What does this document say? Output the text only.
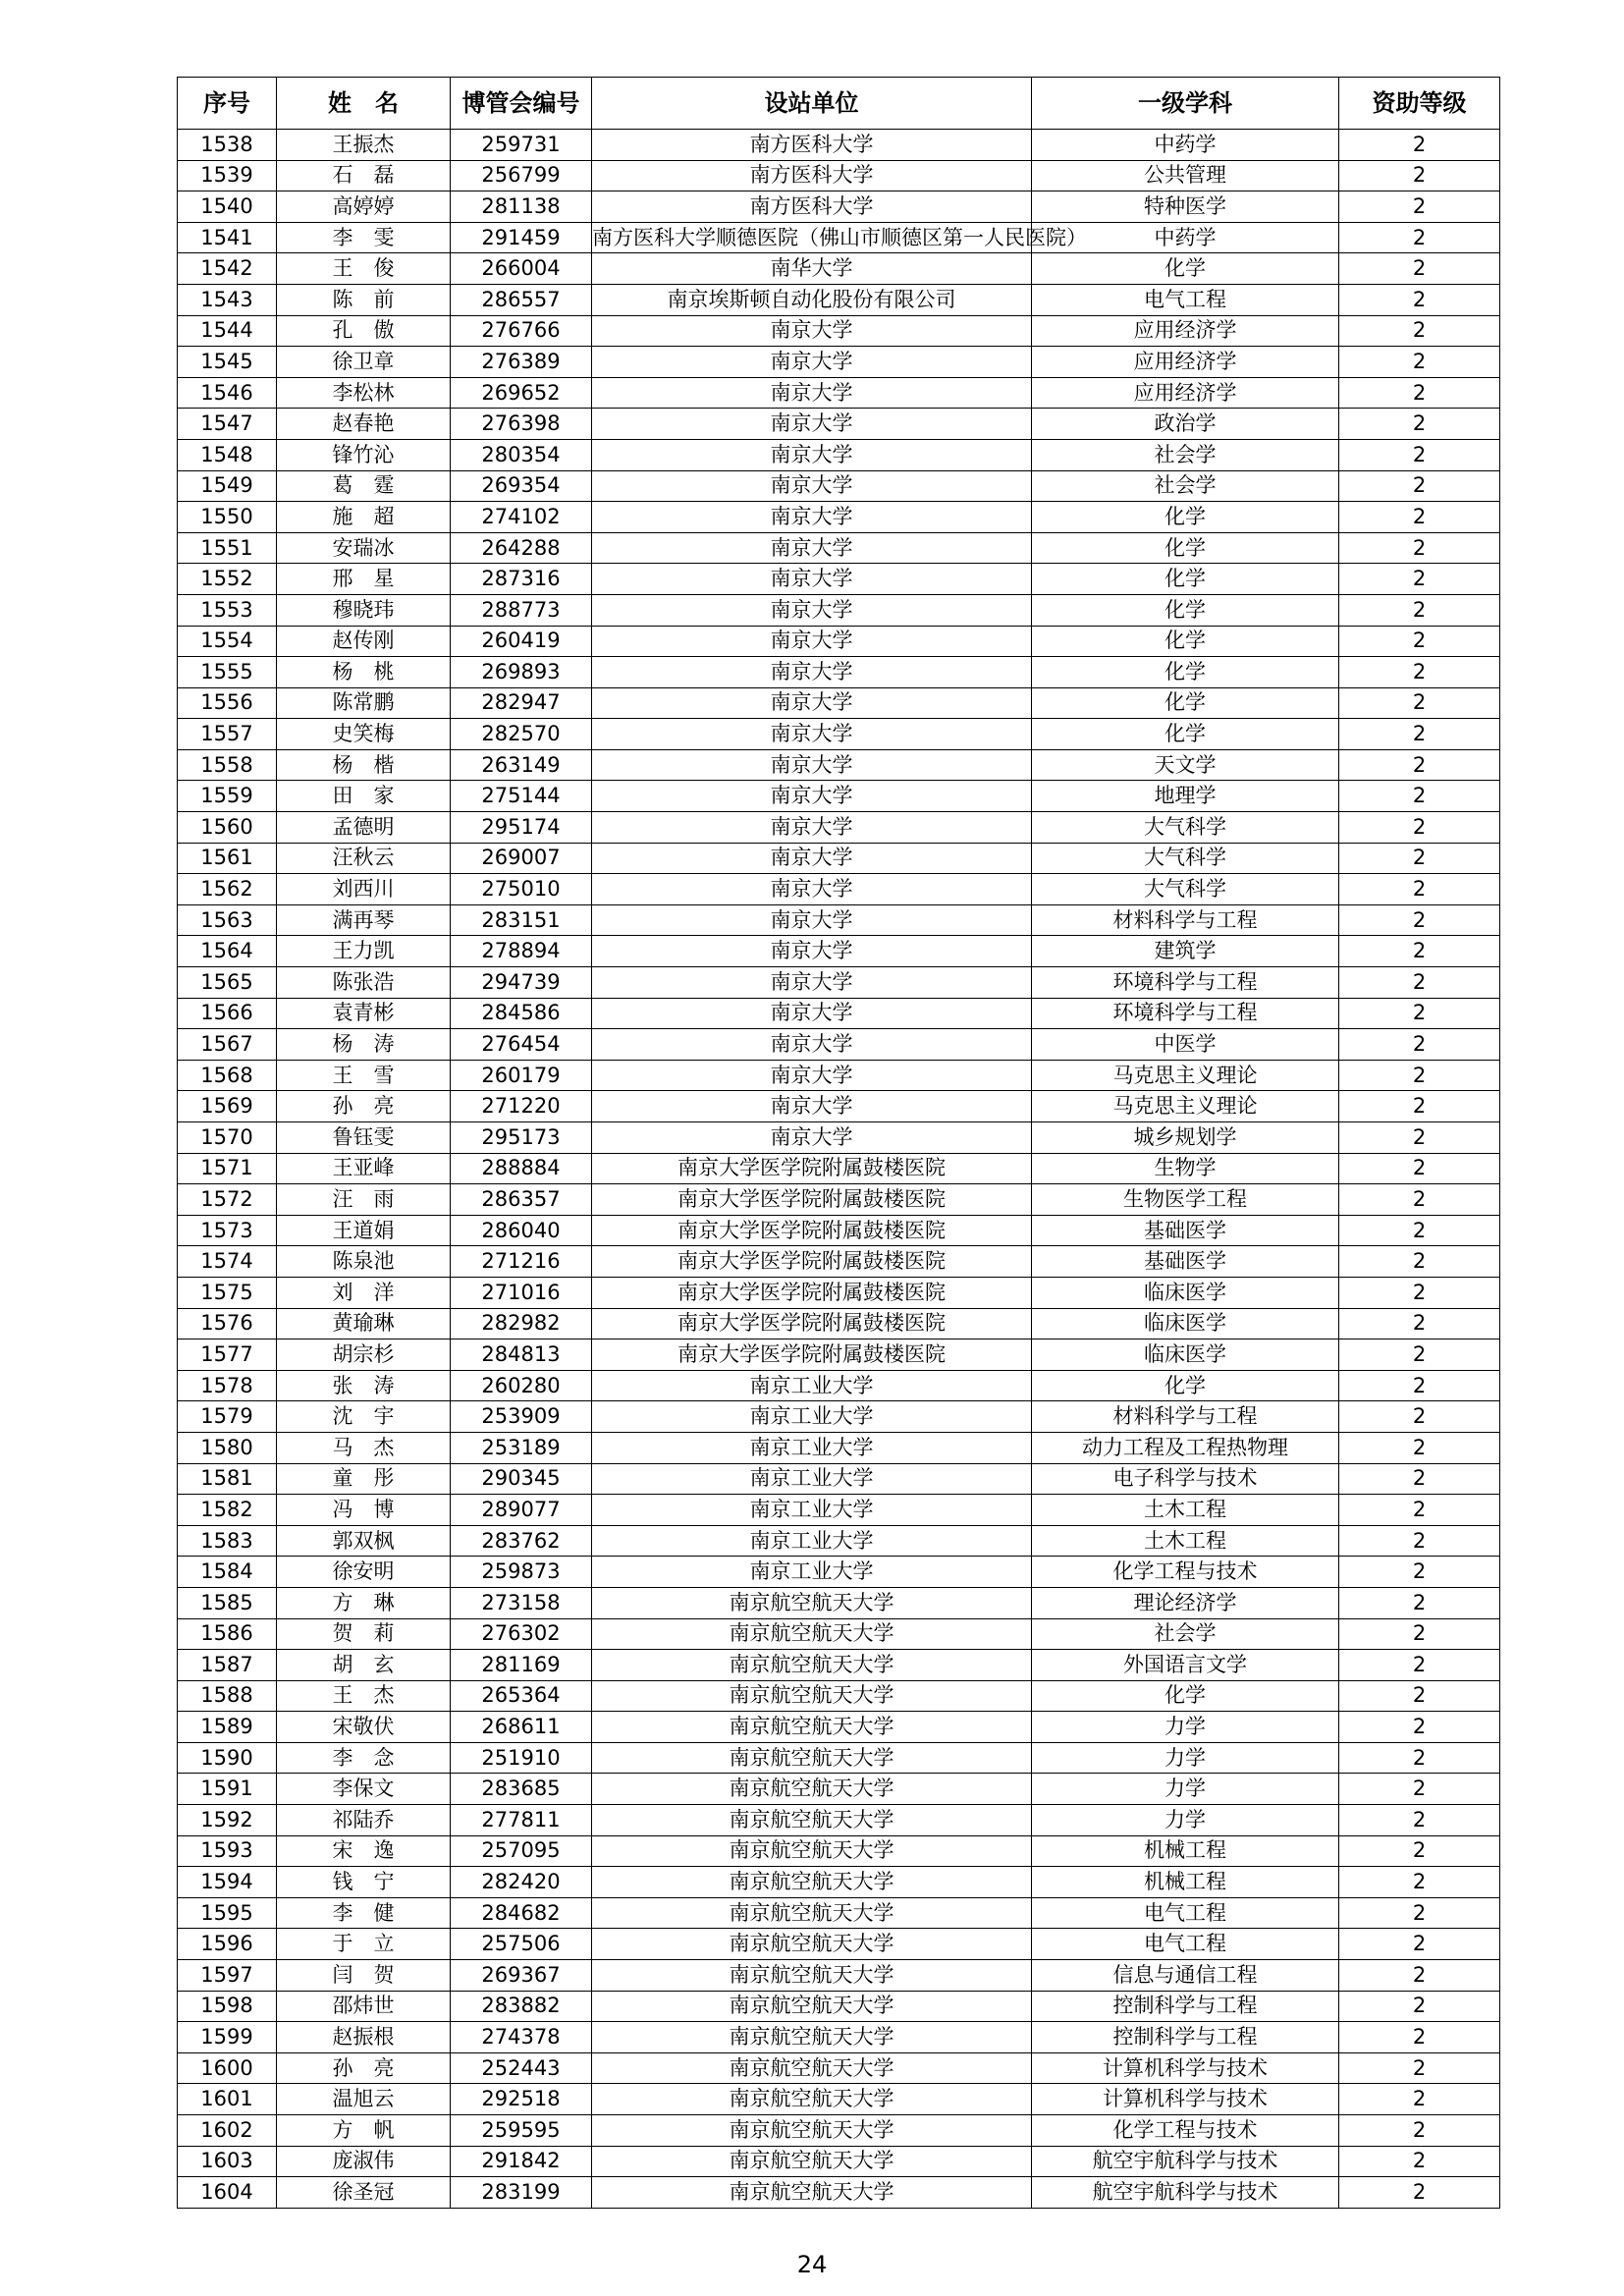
序号	姓　名	博管会编号	设站单位	一级学科	资助等级
1538	王振杰	259731	南方医科大学	中药学	2
1539	石　磊	256799	南方医科大学	公共管理	2
1540	高婷婷	281138	南方医科大学	特种医学	2
1541	李　雯	291459	南方医科大学顺德医院（佛山市顺德区第一人民医院）	中药学	2
1542	王　俊	266004	南华大学	化学	2
1543	陈　前	286557	南京埃斯顿自动化股份有限公司	电气工程	2
1544	孔　傲	276766	南京大学	应用经济学	2
1545	徐卫章	276389	南京大学	应用经济学	2
1546	李松林	269652	南京大学	应用经济学	2
1547	赵春艳	276398	南京大学	政治学	2
1548	锋竹沁	280354	南京大学	社会学	2
1549	葛　霆	269354	南京大学	社会学	2
1550	施　超	274102	南京大学	化学	2
1551	安瑞冰	264288	南京大学	化学	2
1552	邢　星	287316	南京大学	化学	2
1553	穆晓玮	288773	南京大学	化学	2
1554	赵传刚	260419	南京大学	化学	2
1555	杨　桃	269893	南京大学	化学	2
1556	陈常鹏	282947	南京大学	化学	2
1557	史笑梅	282570	南京大学	化学	2
1558	杨　楷	263149	南京大学	天文学	2
1559	田　家	275144	南京大学	地理学	2
1560	孟德明	295174	南京大学	大气科学	2
1561	汪秋云	269007	南京大学	大气科学	2
1562	刘西川	275010	南京大学	大气科学	2
1563	满再琴	283151	南京大学	材料科学与工程	2
1564	王力凯	278894	南京大学	建筑学	2
1565	陈张浩	294739	南京大学	环境科学与工程	2
1566	袁青彬	284586	南京大学	环境科学与工程	2
1567	杨　涛	276454	南京大学	中医学	2
1568	王　雪	260179	南京大学	马克思主义理论	2
1569	孙　亮	271220	南京大学	马克思主义理论	2
1570	鲁钰雯	295173	南京大学	城乡规划学	2
1571	王亚峰	288884	南京大学医学院附属鼓楼医院	生物学	2
1572	汪　雨	286357	南京大学医学院附属鼓楼医院	生物医学工程	2
1573	王道娟	286040	南京大学医学院附属鼓楼医院	基础医学	2
1574	陈泉池	271216	南京大学医学院附属鼓楼医院	基础医学	2
1575	刘　洋	271016	南京大学医学院附属鼓楼医院	临床医学	2
1576	黄瑜琳	282982	南京大学医学院附属鼓楼医院	临床医学	2
1577	胡宗杉	284813	南京大学医学院附属鼓楼医院	临床医学	2
1578	张　涛	260280	南京工业大学	化学	2
1579	沈　宇	253909	南京工业大学	材料科学与工程	2
1580	马　杰	253189	南京工业大学	动力工程及工程热物理	2
1581	童　彤	290345	南京工业大学	电子科学与技术	2
1582	冯　博	289077	南京工业大学	土木工程	2
1583	郭双枫	283762	南京工业大学	土木工程	2
1584	徐安明	259873	南京工业大学	化学工程与技术	2
1585	方　琳	273158	南京航空航天大学	理论经济学	2
1586	贺　莉	276302	南京航空航天大学	社会学	2
1587	胡　玄	281169	南京航空航天大学	外国语言文学	2
1588	王　杰	265364	南京航空航天大学	化学	2
1589	宋敬伏	268611	南京航空航天大学	力学	2
1590	李　念	251910	南京航空航天大学	力学	2
1591	李保文	283685	南京航空航天大学	力学	2
1592	祁陆乔	277811	南京航空航天大学	力学	2
1593	宋　逸	257095	南京航空航天大学	机械工程	2
1594	钱　宁	282420	南京航空航天大学	机械工程	2
1595	李　健	284682	南京航空航天大学	电气工程	2
1596	于　立	257506	南京航空航天大学	电气工程	2
1597	闫　贺	269367	南京航空航天大学	信息与通信工程	2
1598	邵炜世	283882	南京航空航天大学	控制科学与工程	2
1599	赵振根	274378	南京航空航天大学	控制科学与工程	2
1600	孙　亮	252443	南京航空航天大学	计算机科学与技术	2
1601	温旭云	292518	南京航空航天大学	计算机科学与技术	2
1602	方　帆	259595	南京航空航天大学	化学工程与技术	2
1603	庞淑伟	291842	南京航空航天大学	航空宇航科学与技术	2
1604	徐圣冠	283199	南京航空航天大学	航空宇航科学与技术	2
24
